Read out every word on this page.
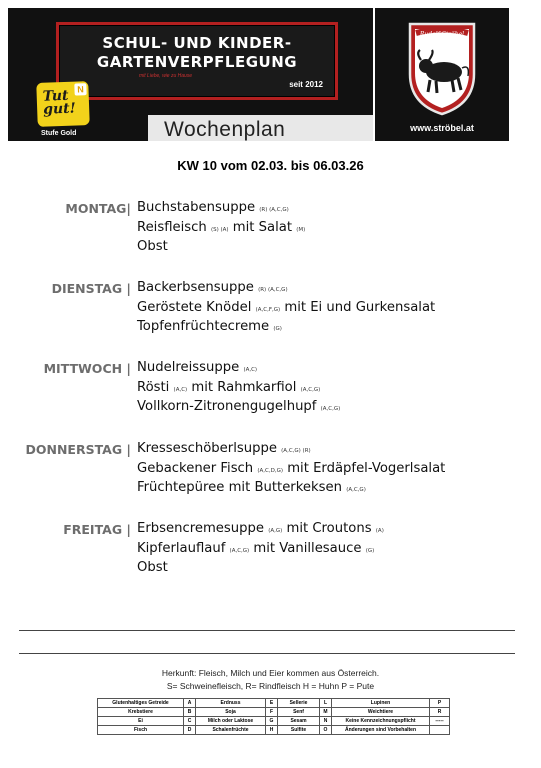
SCHUL- UND KINDER-
GARTENVERPFLEGUNG
mit Liebe, wie zu Hause
seit 2012
Tut
gut!
N
Stufe Gold	Wochenplan
Rudolf Ströbel
www.ströbel.at
KW 10 vom 02.03. bis 06.03.26
MONTAG| Buchstabensuppe (R) (A,C,G)
Reisfleisch (S) (A) mit Salat (M)
Obst
DIENSTAG | Backerbsensuppe (R) (A,C,G)
Geröstete Knödel (A,C,F,G) mit Ei und Gurkensalat
Topfenfrüchtecreme (G)
MITTWOCH | Nudelreissuppe (A,C)
Rösti (A,C) mit Rahmkarfiol (A,C,G)
Vollkorn-Zitronengugelhupf (A,C,G)
DONNERSTAG | Kresseschöberlsuppe (A,C,G) (R)
Gebackener Fisch (A,C,D,G) mit Erdäpfel-Vogerlsalat
Früchtepüree mit Butterkeksen (A,C,G)
FREITAG | Erbsencremesuppe (A,G) mit Croutons (A)
Kipferlauflauf (A,C,G) mit Vanillesauce (G)
Obst
Herkunft: Fleisch, Milch und Eier kommen aus Österreich.
S= Schweinefleisch, R= Rindfleisch H = Huhn P = Pute
Glutenhaltiges Getreide	A	Erdnuss	E	Sellerie	L	Lupinen	P
Krebstiere	B	Soja	F	Senf	M	Weichtiere	R
Ei	C	Milch oder Laktose	G	Sesam	N	Keine Kennzeichnungspflicht	-----
Fisch	D	Schalenfrüchte	H	Sulfite	O	Änderungen sind Vorbehalten	
